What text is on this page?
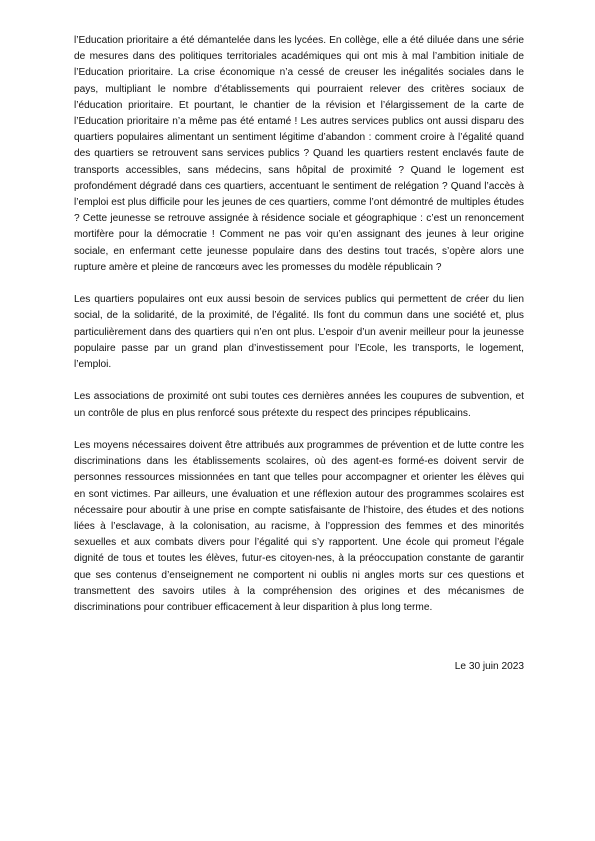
l’Education prioritaire a été démantelée dans les lycées. En collège, elle a été diluée dans une série de mesures dans des politiques territoriales académiques qui ont mis à mal l’ambition initiale de l’Education prioritaire. La crise économique n’a cessé de creuser les inégalités sociales dans le pays, multipliant le nombre d’établissements qui pourraient relever des critères sociaux de l’éducation prioritaire. Et pourtant, le chantier de la révision et l’élargissement de la carte de l’Education prioritaire n’a même pas été entamé ! Les autres services publics ont aussi disparu des quartiers populaires alimentant un sentiment légitime d’abandon : comment croire à l’égalité quand des quartiers se retrouvent sans services publics ? Quand les quartiers restent enclavés faute de transports accessibles, sans médecins, sans hôpital de proximité ? Quand le logement est profondément dégradé dans ces quartiers, accentuant le sentiment de relégation ? Quand l’accès à l’emploi est plus difficile pour les jeunes de ces quartiers, comme l’ont démontré de multiples études ? Cette jeunesse se retrouve assignée à résidence sociale et géographique : c’est un renoncement mortifère pour la démocratie ! Comment ne pas voir qu’en assignant des jeunes à leur origine sociale, en enfermant cette jeunesse populaire dans des destins tout tracés, s’opère alors une rupture amère et pleine de rancœurs avec les promesses du modèle républicain ?

Les quartiers populaires ont eux aussi besoin de services publics qui permettent de créer du lien social, de la solidarité, de la proximité, de l’égalité. Ils font du commun dans une société et, plus particulièrement dans des quartiers qui n’en ont plus. L’espoir d’un avenir meilleur pour la jeunesse populaire passe par un grand plan d’investissement pour l’Ecole, les transports, le logement, l’emploi.

Les associations de proximité ont subi toutes ces dernières années les coupures de subvention, et un contrôle de plus en plus renforcé sous prétexte du respect des principes républicains.

Les moyens nécessaires doivent être attribués aux programmes de prévention et de lutte contre les discriminations dans les établissements scolaires, où des agent-es formé-es doivent servir de personnes ressources missionnées en tant que telles pour accompagner et orienter les élèves qui en sont victimes. Par ailleurs, une évaluation et une réflexion autour des programmes scolaires est nécessaire pour aboutir à une prise en compte satisfaisante de l’histoire, des études et des notions liées à l’esclavage, à la colonisation, au racisme, à l’oppression des femmes et des minorités sexuelles et aux combats divers pour l’égalité qui s’y rapportent. Une école qui promeut l’égale dignité de tous et toutes les élèves, futur-es citoyen-nes, à la préoccupation constante de garantir que ses contenus d’enseignement ne comportent ni oublis ni angles morts sur ces questions et transmettent des savoirs utiles à la compréhension des origines et des mécanismes de discriminations pour contribuer efficacement à leur disparition à plus long terme.

Le 30 juin 2023
